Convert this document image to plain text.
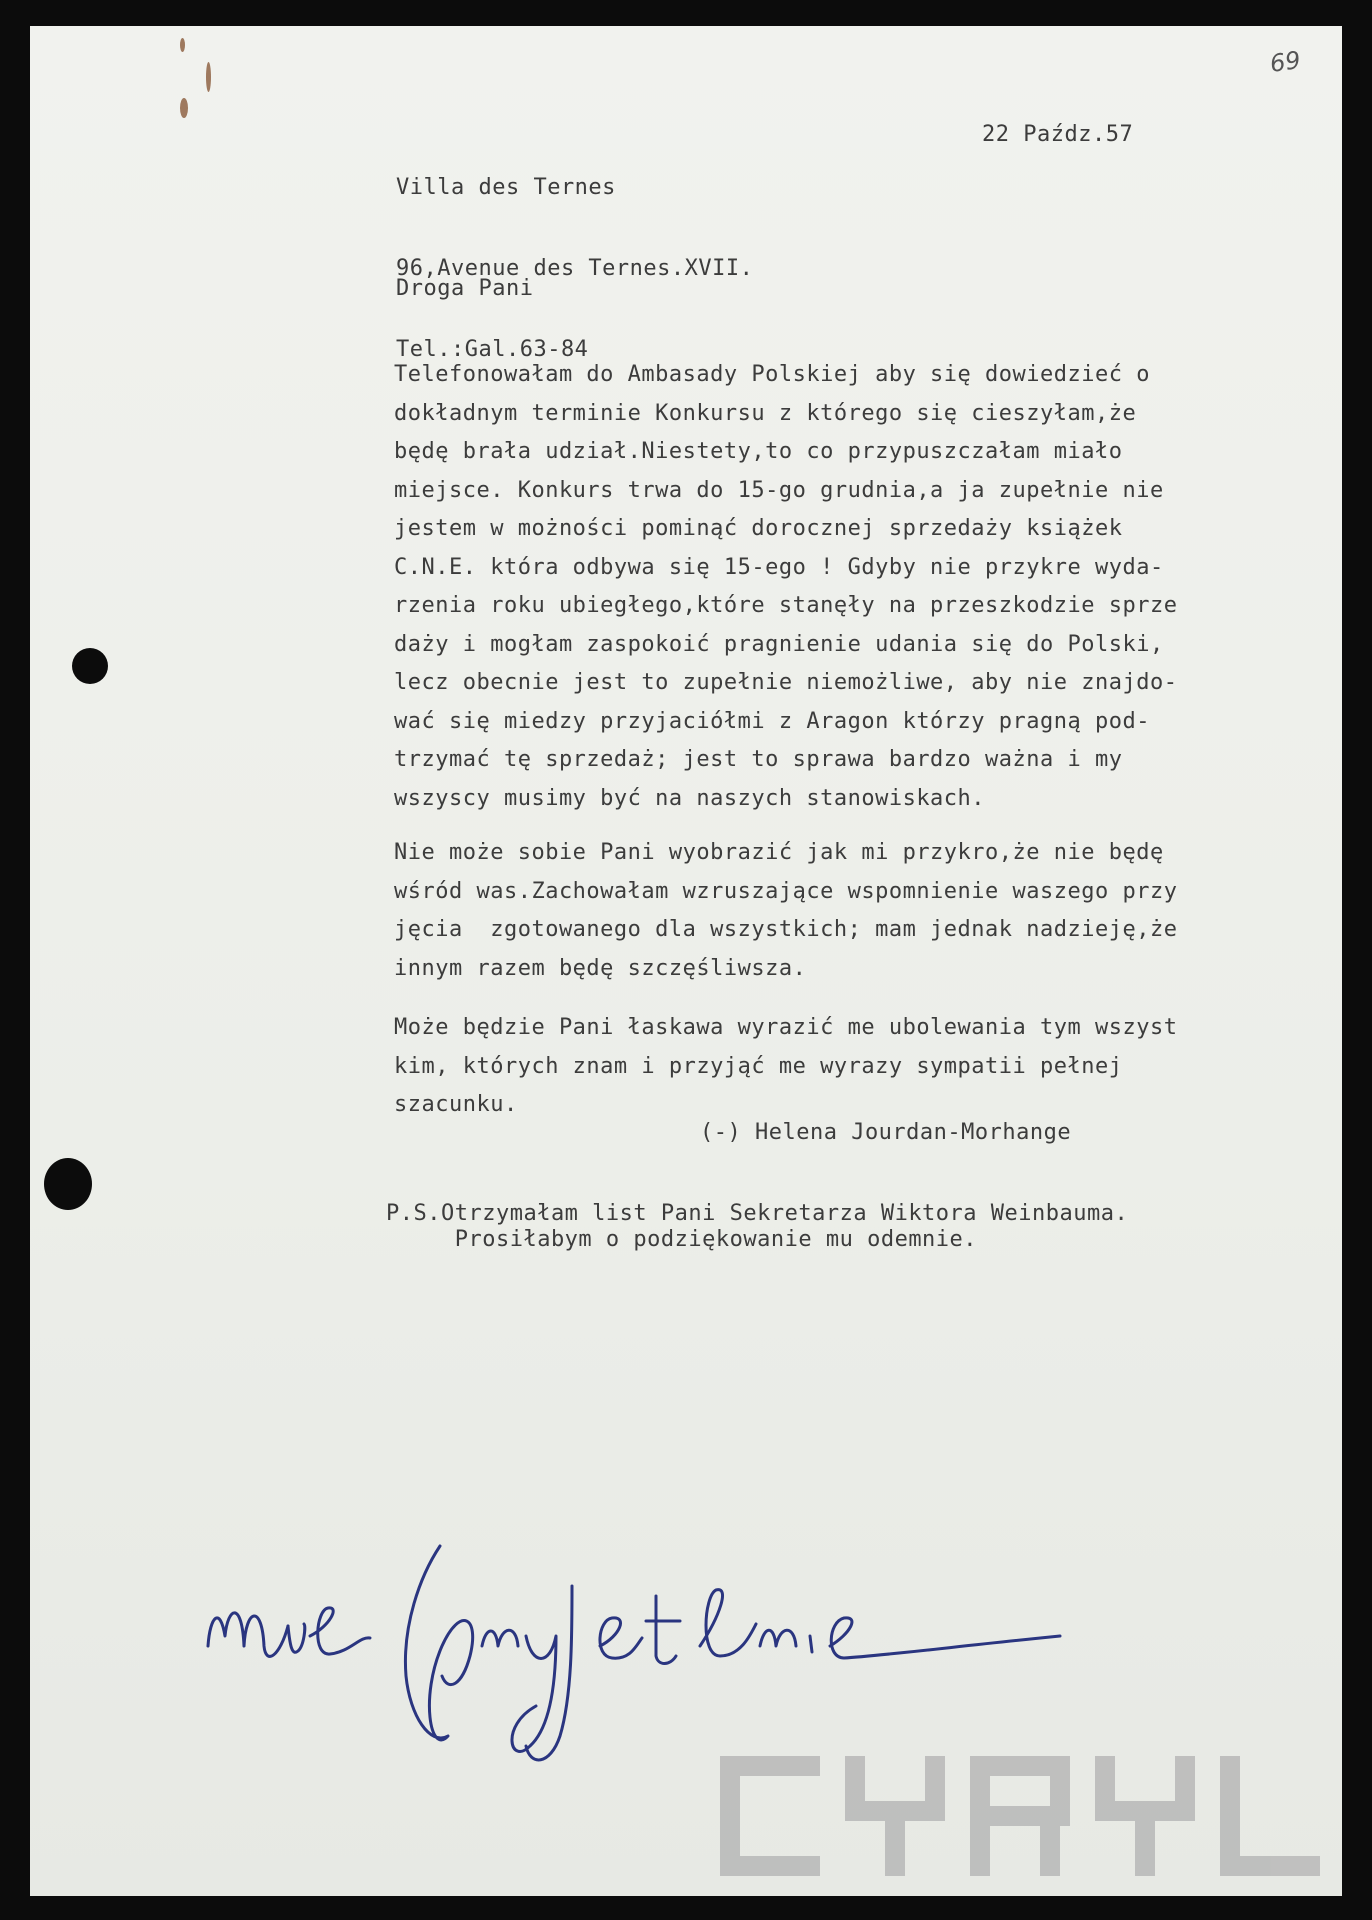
69

Villa des Ternes

96,Avenue des Ternes.XVII.

Tel.:Gal.63-84

22 Paźdz.57
Droga Pani
Telefonowałam do Ambasady Polskiej aby się dowiedzieć o
dokładnym terminie Konkursu z którego się cieszyłam,że
będę brała udział.Niestety,to co przypuszczałam miało
miejsce. Konkurs trwa do 15-go grudnia,a ja zupełnie nie
jestem w możności pominąć dorocznej sprzedaży książek
C.N.E. która odbywa się 15-ego ! Gdyby nie przykre wyda-
rzenia roku ubiegłego,które stanęły na przeszkodzie sprze
daży i mogłam zaspokoić pragnienie udania się do Polski,
lecz obecnie jest to zupełnie niemożliwe, aby nie znajdo-
wać się miedzy przyjaciółmi z Aragon którzy pragną pod-
trzymać tę sprzedaż; jest to sprawa bardzo ważna i my
wszyscy musimy być na naszych stanowiskach.
Nie może sobie Pani wyobrazić jak mi przykro,że nie będę
wśród was.Zachowałam wzruszające wspomnienie waszego przy
jęcia  zgotowanego dla wszystkich; mam jednak nadzieję,że
innym razem będę szczęśliwsza.
Może będzie Pani łaskawa wyrazić me ubolewania tym wszyst
kim, których znam i przyjąć me wyrazy sympatii pełnej
szacunku.
(-) Helena Jourdan-Morhange
P.S.Otrzymałam list Pani Sekretarza Wiktora Weinbauma.
Prosiłabym o podziękowanie mu odemnie.
nie przyjechała
